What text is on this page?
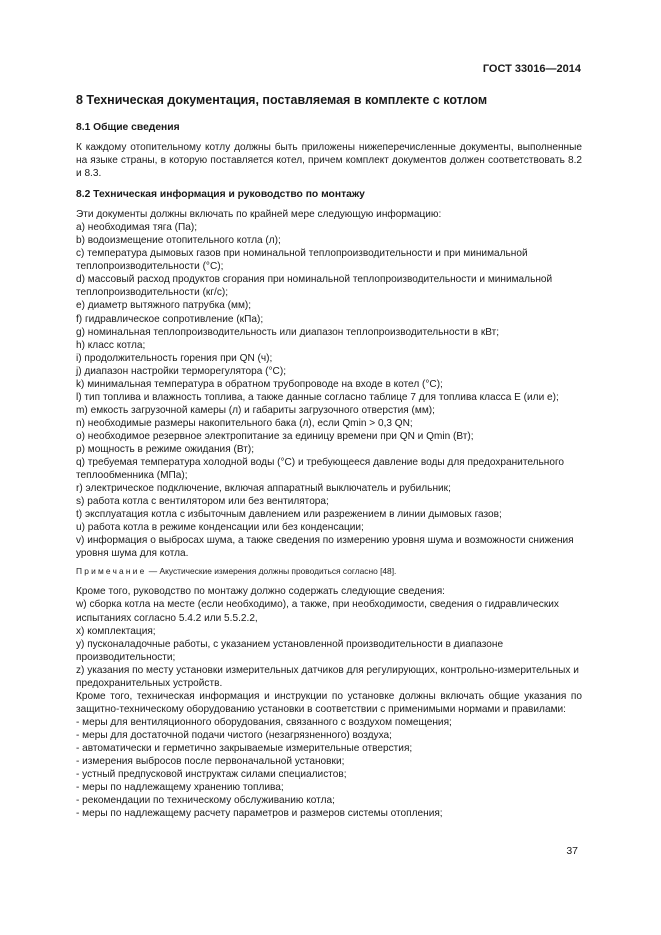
ГОСТ 33016—2014
8 Техническая документация, поставляемая в комплекте с котлом
8.1 Общие сведения

К каждому отопительному котлу должны быть приложены нижеперечисленные документы, выполненные на языке страны, в которую поставляется котел, причем комплект документов должен соответствовать 8.2 и 8.3.

8.2 Техническая информация и руководство по монтажу

Эти документы должны включать по крайней мере следующую информацию:

а) необходимая тяга (Па);
b) водоизмещение отопительного котла (л);
с) температура дымовых газов при номинальной теплопроизводительности и при минимальной теплопроизводительности (°С);
d) массовый расход продуктов сгорания при номинальной теплопроизводительности и минимальной теплопроизводительности (кг/с);
е) диаметр вытяжного патрубка (мм);
f) гидравлическое сопротивление (кПа);
g) номинальная теплопроизводительность или диапазон теплопроизводительности в кВт;
h) класс котла;
i) продолжительность горения при QN (ч);
j) диапазон настройки терморегулятора (°С);
k) минимальная температура в обратном трубопроводе на входе в котел (°С);
l) тип топлива и влажность топлива, а также данные согласно таблице 7 для топлива класса Е (или е);
m) емкость загрузочной камеры (л) и габариты загрузочного отверстия (мм);
n) необходимые размеры накопительного бака (л), если Qmin > 0,3 QN;
о) необходимое резервное электропитание за единицу времени при QN и Qmin (Вт);
р) мощность в режиме ожидания (Вт);
q) требуемая температура холодной воды (°С) и требующееся давление воды для предохранительного теплообменника (МПа);
r) электрическое подключение, включая аппаратный выключатель и рубильник;
s) работа котла с вентилятором или без вентилятора;
t) эксплуатация котла с избыточным давлением или разрежением в линии дымовых газов;
u) работа котла в режиме конденсации или без конденсации;
v) информация о выбросах шума, а также сведения по измерению уровня шума и возможности снижения уровня шума для котла.

Примечание — Акустические измерения должны проводиться согласно [48].

Кроме того, руководство по монтажу должно содержать следующие сведения:

w) сборка котла на месте (если необходимо), а также, при необходимости, сведения о гидравлических испытаниях согласно 5.4.2 или 5.5.2.2,
х) комплектация;
у) пусконаладочные работы, с указанием установленной производительности в диапазоне производительности;
z) указания по месту установки измерительных датчиков для регулирующих, контрольно-измерительных и предохранительных устройств.

Кроме того, техническая информация и инструкции по установке должны включать общие указания по защитно-техническому оборудованию установки в соответствии с применимыми нормами и правилами:

- меры для вентиляционного оборудования, связанного с воздухом помещения;
- меры для достаточной подачи чистого (незагрязненного) воздуха;
- автоматически и герметично закрываемые измерительные отверстия;
- измерения выбросов после первоначальной установки;
- устный предпусковой инструктаж силами специалистов;
- меры по надлежащему хранению топлива;
- рекомендации по техническому обслуживанию котла;
- меры по надлежащему расчету параметров и размеров системы отопления;
37
